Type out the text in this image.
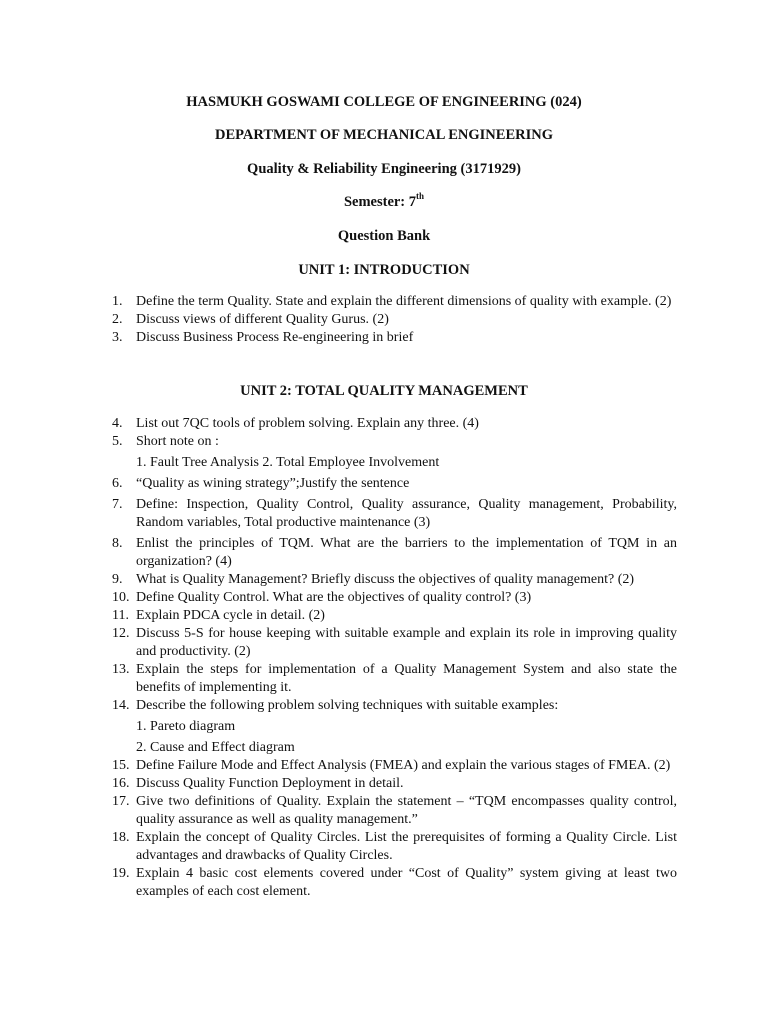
HASMUKH GOSWAMI COLLEGE OF ENGINEERING (024)
DEPARTMENT OF MECHANICAL ENGINEERING
Quality & Reliability Engineering (3171929)
Semester: 7th
Question Bank
UNIT 1: INTRODUCTION
1. Define the term Quality. State and explain the different dimensions of quality with example. (2)
2. Discuss views of different Quality Gurus. (2)
3. Discuss Business Process Re-engineering in brief
UNIT 2: TOTAL QUALITY MANAGEMENT
4. List out 7QC tools of problem solving. Explain any three. (4)
5. Short note on :
1. Fault Tree Analysis 2. Total Employee Involvement
6. “Quality as wining strategy”;Justify the sentence
7. Define: Inspection, Quality Control, Quality assurance, Quality management, Probability, Random variables, Total productive maintenance (3)
8. Enlist the principles of TQM. What are the barriers to the implementation of TQM in an organization? (4)
9. What is Quality Management? Briefly discuss the objectives of quality management? (2)
10. Define Quality Control. What are the objectives of quality control? (3)
11. Explain PDCA cycle in detail. (2)
12. Discuss 5-S for house keeping with suitable example and explain its role in improving quality and productivity. (2)
13. Explain the steps for implementation of a Quality Management System and also state the benefits of implementing it.
14. Describe the following problem solving techniques with suitable examples:
1. Pareto diagram
2. Cause and Effect diagram
15. Define Failure Mode and Effect Analysis (FMEA) and explain the various stages of FMEA. (2)
16. Discuss Quality Function Deployment in detail.
17. Give two definitions of Quality. Explain the statement – “TQM encompasses quality control, quality assurance as well as quality management.”
18. Explain the concept of Quality Circles. List the prerequisites of forming a Quality Circle. List advantages and drawbacks of Quality Circles.
19. Explain 4 basic cost elements covered under “Cost of Quality” system giving at least two examples of each cost element.
